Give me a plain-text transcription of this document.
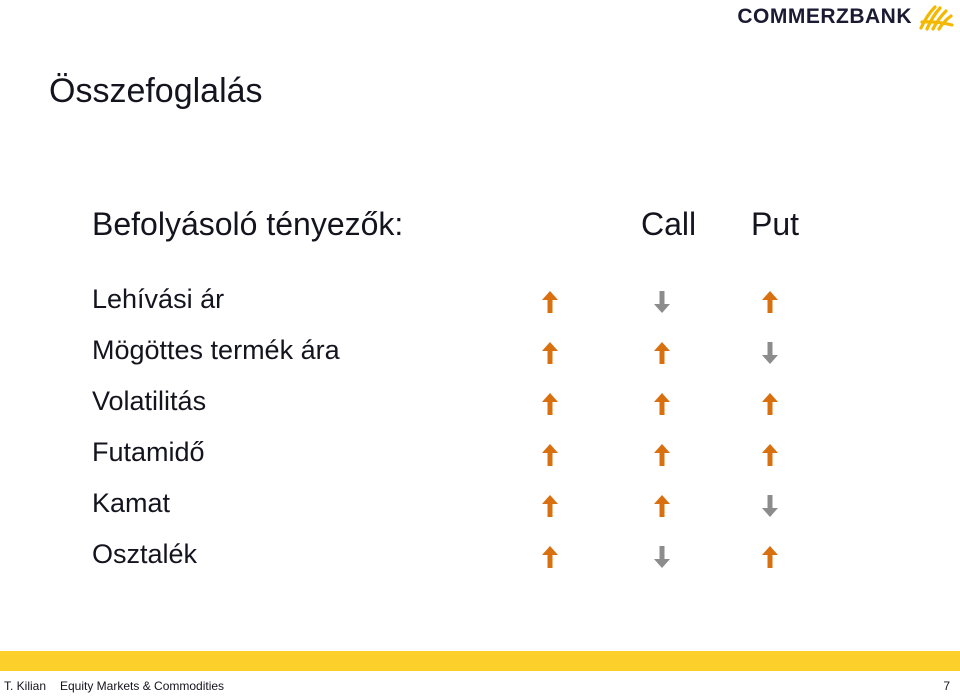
COMMERZBANK
Összefoglalás
Befolyásoló tényezők:	Call Put
Lehívási ár
Mögöttes termék ára
Volatilitás
Futamidő
Kamat
Osztalék
T. Kilian Equity Markets & Commodities	7
